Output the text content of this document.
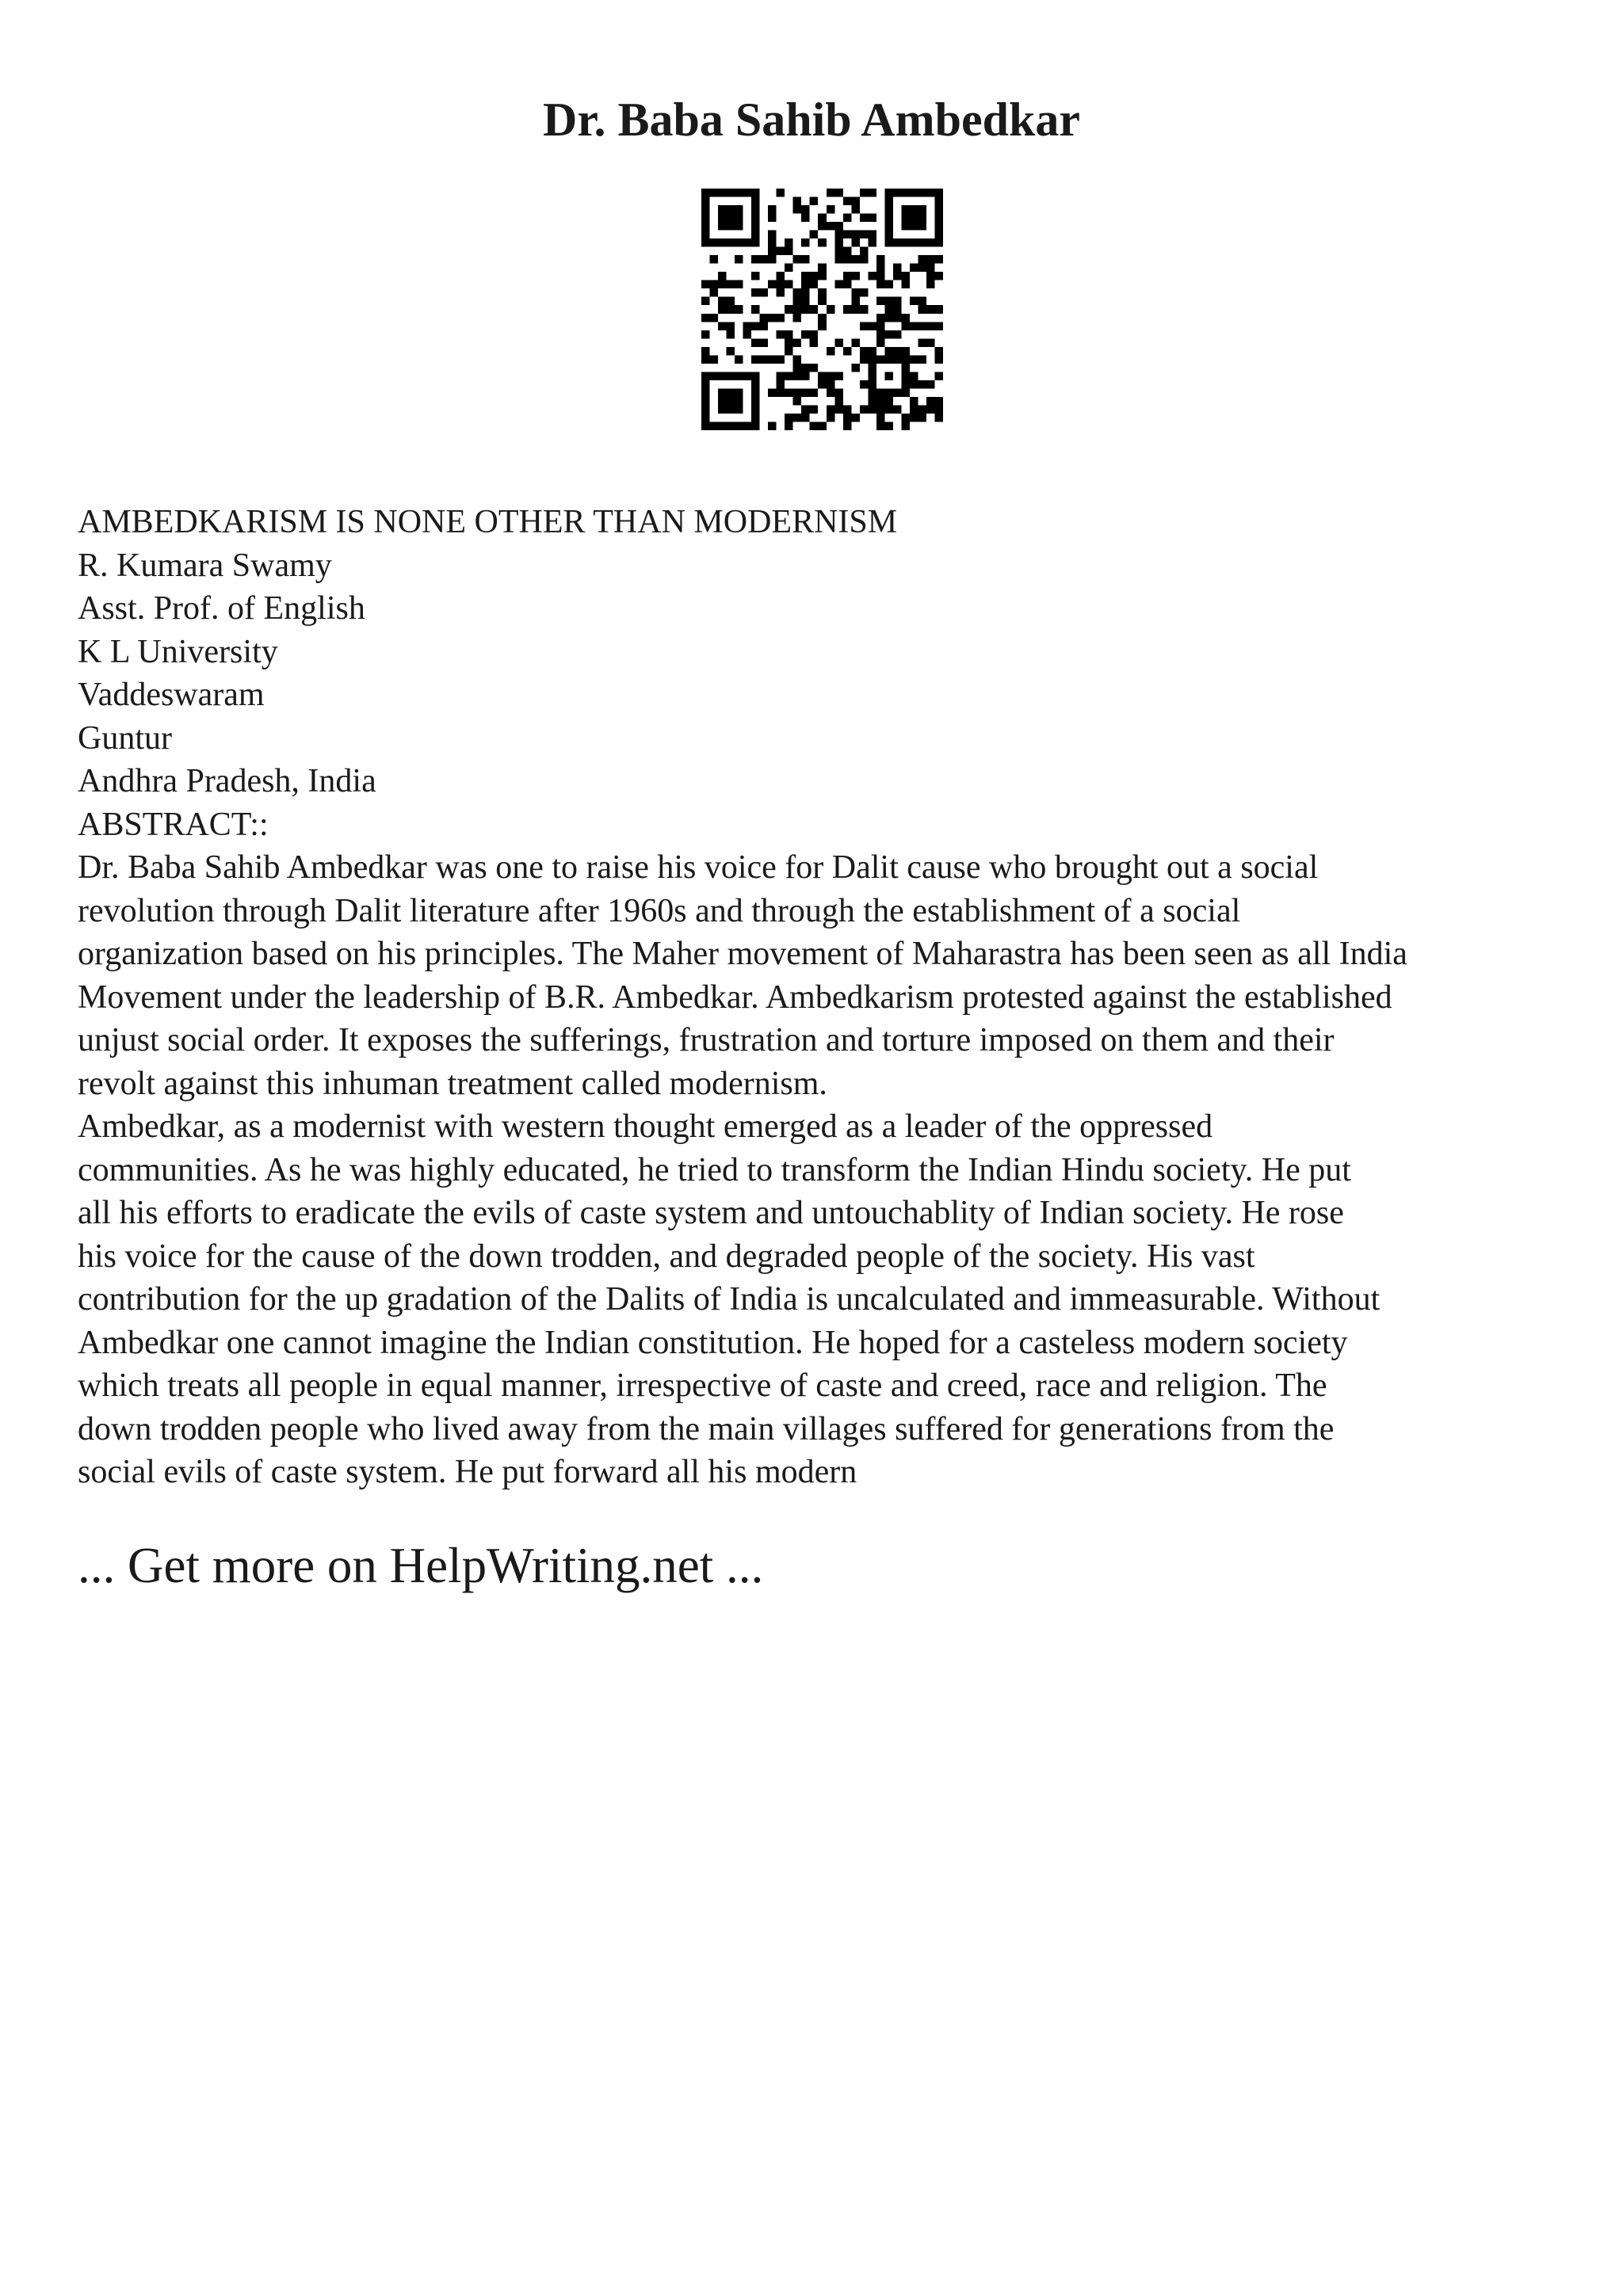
Dr. Baba Sahib Ambedkar
AMBEDKARISM IS NONE OTHER THAN MODERNISM
R. Kumara Swamy
Asst. Prof. of English
K L University
Vaddeswaram
Guntur
Andhra Pradesh, India
ABSTRACT::
Dr. Baba Sahib Ambedkar was one to raise his voice for Dalit cause who brought out a social
revolution through Dalit literature after 1960s and through the establishment of a social
organization based on his principles. The Maher movement of Maharastra has been seen as all India
Movement under the leadership of B.R. Ambedkar. Ambedkarism protested against the established
unjust social order. It exposes the sufferings, frustration and torture imposed on them and their
revolt against this inhuman treatment called modernism.
Ambedkar, as a modernist with western thought emerged as a leader of the oppressed
communities. As he was highly educated, he tried to transform the Indian Hindu society. He put
all his efforts to eradicate the evils of caste system and untouchablity of Indian society. He rose
his voice for the cause of the down trodden, and degraded people of the society. His vast
contribution for the up gradation of the Dalits of India is uncalculated and immeasurable. Without
Ambedkar one cannot imagine the Indian constitution. He hoped for a casteless modern society
which treats all people in equal manner, irrespective of caste and creed, race and religion. The
down trodden people who lived away from the main villages suffered for generations from the
social evils of caste system. He put forward all his modern
... Get more on HelpWriting.net ...
